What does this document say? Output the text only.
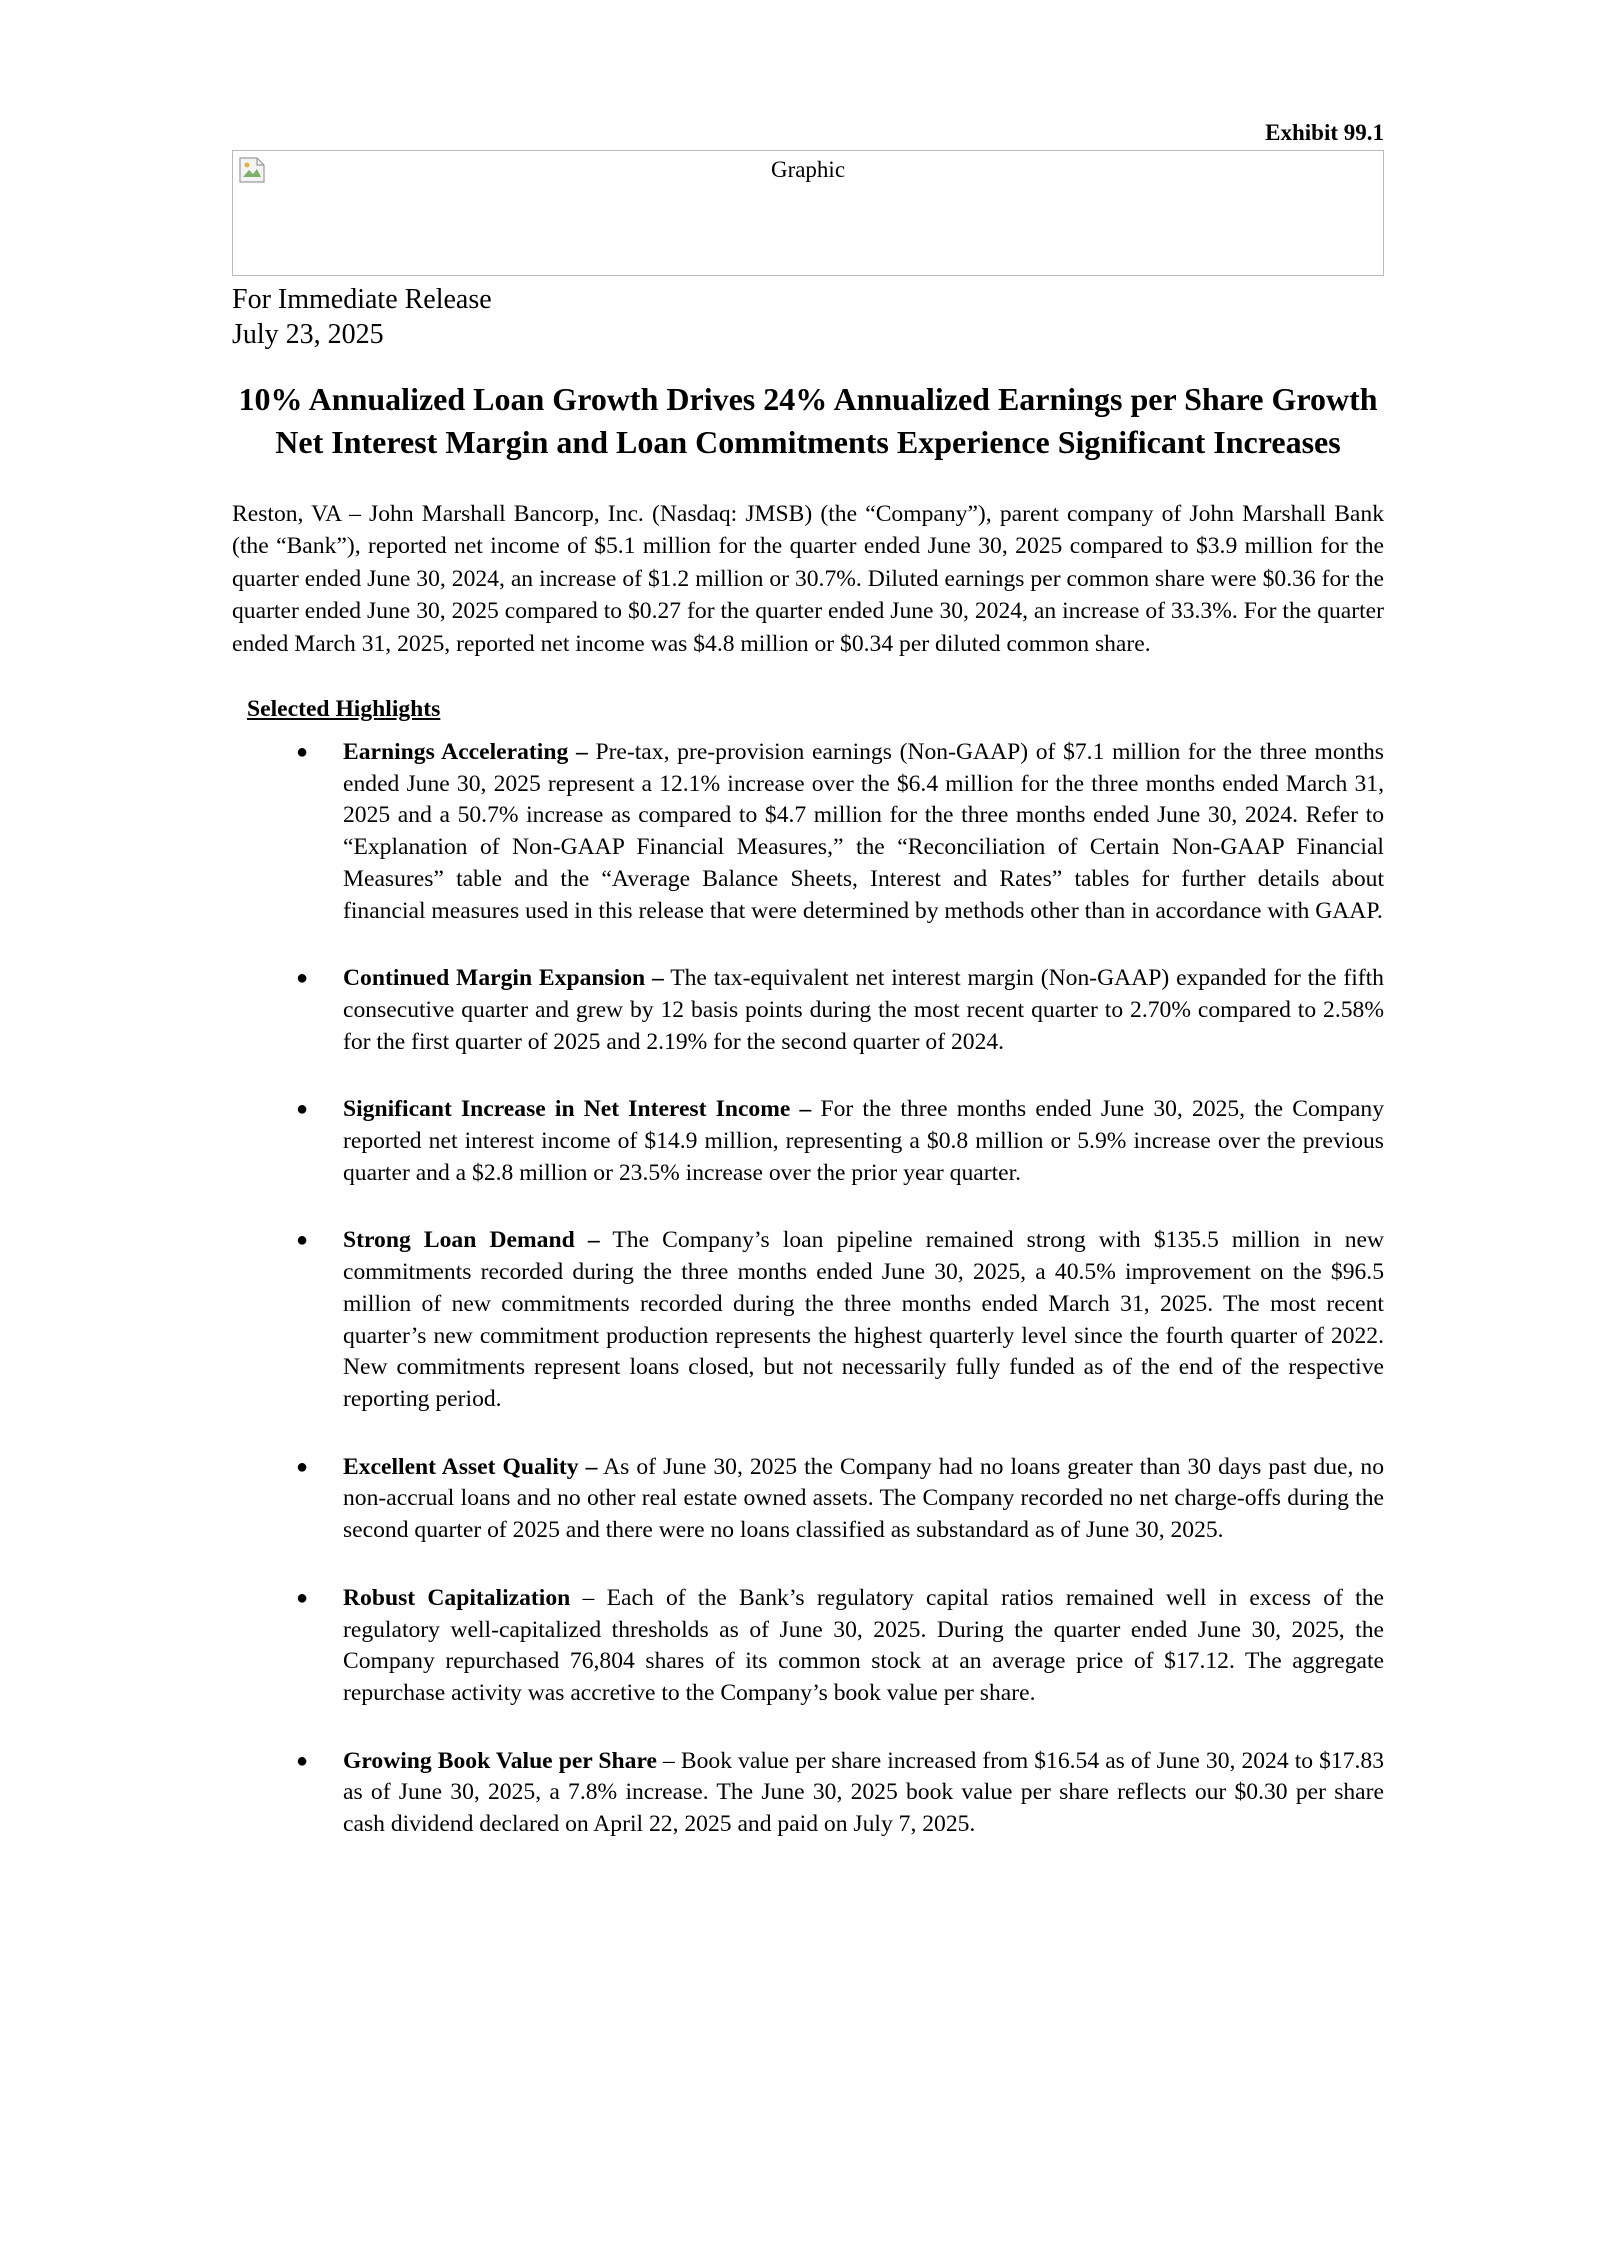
Exhibit 99.1
Graphic
For Immediate Release
July 23, 2025
10% Annualized Loan Growth Drives 24% Annualized Earnings per Share Growth
Net Interest Margin and Loan Commitments Experience Significant Increases

Reston, VA – John Marshall Bancorp, Inc. (Nasdaq: JMSB) (the “Company”), parent company of John Marshall Bank (the “Bank”), reported net income of $5.1 million for the quarter ended June 30, 2025 compared to $3.9 million for the quarter ended June 30, 2024, an increase of $1.2 million or 30.7%. Diluted earnings per common share were $0.36 for the quarter ended June 30, 2025 compared to $0.27 for the quarter ended June 30, 2024, an increase of 33.3%. For the quarter ended March 31, 2025, reported net income was $4.8 million or $0.34 per diluted common share.

Selected Highlights
● Earnings Accelerating – Pre-tax, pre-provision earnings (Non-GAAP) of $7.1 million for the three months ended June 30, 2025 represent a 12.1% increase over the $6.4 million for the three months ended March 31, 2025 and a 50.7% increase as compared to $4.7 million for the three months ended June 30, 2024. Refer to “Explanation of Non-GAAP Financial Measures,” the “Reconciliation of Certain Non-GAAP Financial Measures” table and the “Average Balance Sheets, Interest and Rates” tables for further details about financial measures used in this release that were determined by methods other than in accordance with GAAP.
● Continued Margin Expansion – The tax-equivalent net interest margin (Non-GAAP) expanded for the fifth consecutive quarter and grew by 12 basis points during the most recent quarter to 2.70% compared to 2.58% for the first quarter of 2025 and 2.19% for the second quarter of 2024.
● Significant Increase in Net Interest Income – For the three months ended June 30, 2025, the Company reported net interest income of $14.9 million, representing a $0.8 million or 5.9% increase over the previous quarter and a $2.8 million or 23.5% increase over the prior year quarter.
● Strong Loan Demand – The Company’s loan pipeline remained strong with $135.5 million in new commitments recorded during the three months ended June 30, 2025, a 40.5% improvement on the $96.5 million of new commitments recorded during the three months ended March 31, 2025. The most recent quarter’s new commitment production represents the highest quarterly level since the fourth quarter of 2022. New commitments represent loans closed, but not necessarily fully funded as of the end of the respective reporting period.
● Excellent Asset Quality – As of June 30, 2025 the Company had no loans greater than 30 days past due, no non-accrual loans and no other real estate owned assets. The Company recorded no net charge-offs during the second quarter of 2025 and there were no loans classified as substandard as of June 30, 2025.
● Robust Capitalization – Each of the Bank’s regulatory capital ratios remained well in excess of the regulatory well-capitalized thresholds as of June 30, 2025. During the quarter ended June 30, 2025, the Company repurchased 76,804 shares of its common stock at an average price of $17.12. The aggregate repurchase activity was accretive to the Company’s book value per share.
● Growing Book Value per Share – Book value per share increased from $16.54 as of June 30, 2024 to $17.83 as of June 30, 2025, a 7.8% increase. The June 30, 2025 book value per share reflects our $0.30 per share cash dividend declared on April 22, 2025 and paid on July 7, 2025.
